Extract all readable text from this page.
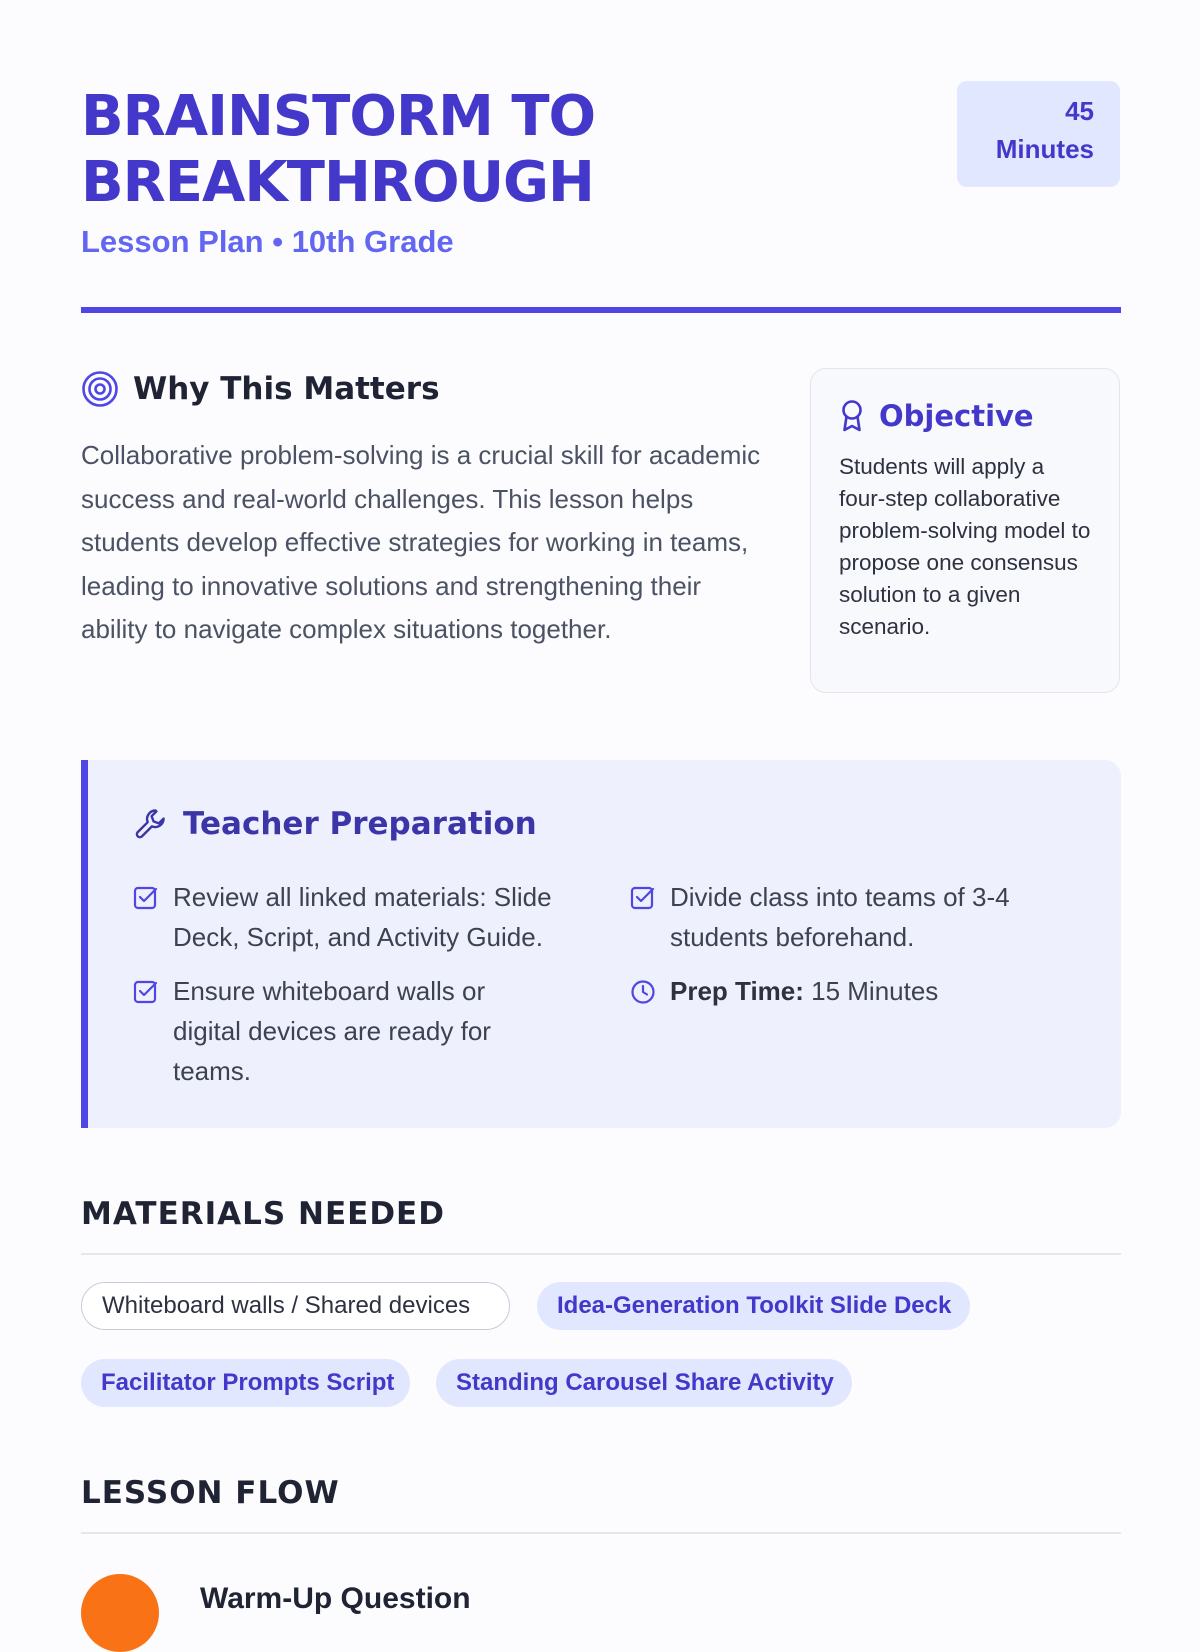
BRAINSTORM TO BREAKTHROUGH
Lesson Plan • 10th Grade
45
Minutes
Why This Matters

Collaborative problem-solving is a crucial skill for academic success and real-world challenges. This lesson helps students develop effective strategies for working in teams, leading to innovative solutions and strengthening their ability to navigate complex situations together.

Objective

Students will apply a four-step collaborative problem-solving model to propose one consensus solution to a given scenario.

Teacher Preparation
Review all linked materials: Slide Deck, Script, and Activity Guide.
Divide class into teams of 3-4 students beforehand.
Ensure whiteboard walls or digital devices are ready for teams.
Prep Time: 15 Minutes
MATERIALS NEEDED
Whiteboard walls / Shared devices	Idea-Generation Toolkit Slide Deck
Facilitator Prompts Script	Standing Carousel Share Activity
LESSON FLOW
Warm-Up Question
